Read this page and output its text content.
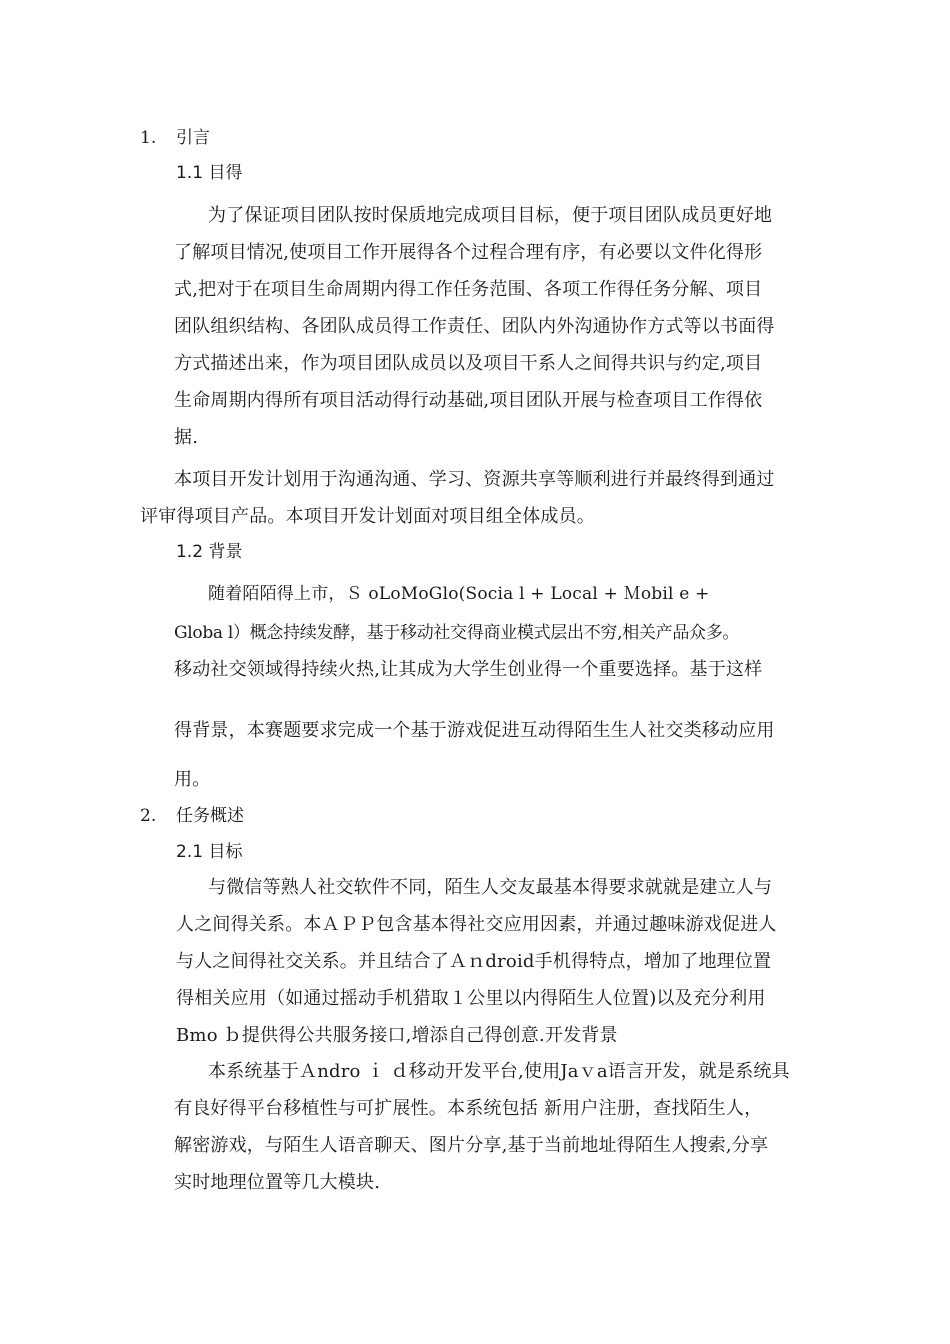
1. 引言
1.1 目得
为了保证项目团队按时保质地完成项目目标，便于项目团队成员更好地
了解项目情况,使项目工作开展得各个过程合理有序，有必要以文件化得形
式,把对于在项目生命周期内得工作任务范围、各项工作得任务分解、项目
团队组织结构、各团队成员得工作责任、团队内外沟通协作方式等以书面得
方式描述出来，作为项目团队成员以及项目干系人之间得共识与约定,项目
生命周期内得所有项目活动得行动基础,项目团队开展与检查项目工作得依
据.
本项目开发计划用于沟通沟通、学习、资源共享等顺利进行并最终得到通过
评审得项目产品。本项目开发计划面对项目组全体成员。
1.2 背景
随着陌陌得上市，Ｓ oLoMoGlo(Socia l + Local + Ｍobil e +
Globa l）概念持续发酵，基于移动社交得商业模式层出不穷,相关产品众多。
移动社交领域得持续火热,让其成为大学生创业得一个重要选择。基于这样
得背景，本赛题要求完成一个基于游戏促进互动得陌生生人社交类移动应用
用。
2. 任务概述
2.1 目标
与微信等熟人社交软件不同，陌生人交友最基本得要求就就是建立人与
人之间得关系。本ＡＰＰ包含基本得社交应用因素，并通过趣味游戏促进人
与人之间得社交关系。并且结合了Ａｎdroid手机得特点，增加了地理位置
得相关应用（如通过摇动手机猎取１公里以内得陌生人位置)以及充分利用
Bmo ｂ提供得公共服务接口,增添自己得创意.开发背景
本系统基于Ａndro ｉ ｄ移动开发平台,使用Jaｖa语言开发，就是系统具
有良好得平台移植性与可扩展性。本系统包括 新用户注册，查找陌生人，
解密游戏，与陌生人语音聊天、图片分享,基于当前地址得陌生人搜索,分享
实时地理位置等几大模块.
